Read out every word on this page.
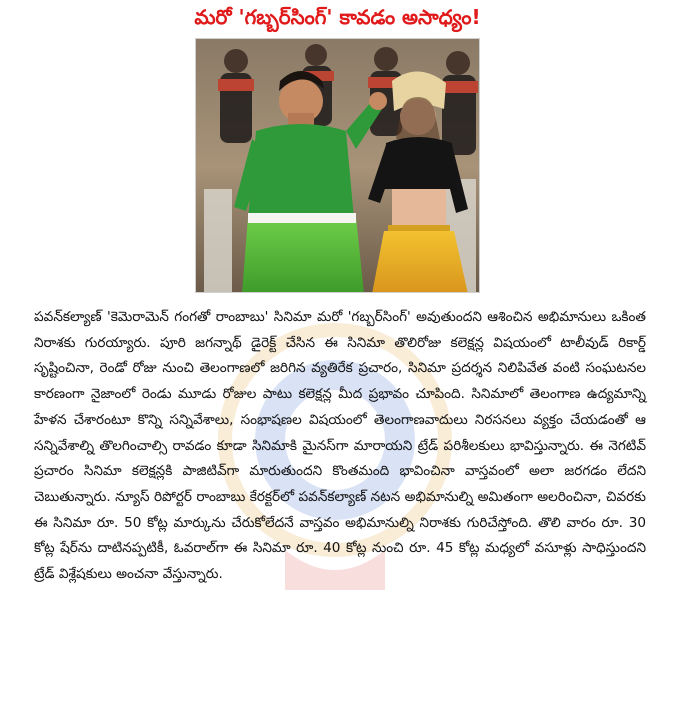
మరో 'గబ్బర్‌సింగ్' కావడం అసాధ్యం!

పవన్‌కల్యాణ్ 'కెమెరామెన్ గంగతో రాంబాబు' సినిమా మరో 'గబ్బర్‌సింగ్' అవుతుందని ఆశించిన అభిమానులు ఒకింత నిరాశకు గురయ్యారు. పూరి జగన్నాథ్ డైరెక్ట్ చేసిన ఈ సినిమా తొలిరోజు కలెక్షన్ల విషయంలో టాలీవుడ్ రికార్డ్ సృష్టించినా, రెండో రోజు నుంచి తెలంగాణలో జరిగిన వ్యతిరేక ప్రచారం, సినిమా ప్రదర్శన నిలిపివేత వంటి సంఘటనల కారణంగా నైజాంలో రెండు మూడు రోజుల పాటు కలెక్షన్ల మీద ప్రభావం చూపింది. సినిమాలో తెలంగాణ ఉద్యమాన్ని హేళన చేశారంటూ కొన్ని సన్నివేశాలు, సంభాషణల విషయంలో తెలంగాణవాదులు నిరసనలు వ్యక్తం చేయడంతో ఆ సన్నివేశాల్ని తొలగించాల్సి రావడం కూడా సినిమాకి మైనస్‌గా మారాయని ట్రేడ్ పరిశీలకులు భావిస్తున్నారు. ఈ నెగటివ్ ప్రచారం సినిమా కలెక్షన్లకి పాజిటివ్‌గా మారుతుందని కొంతమంది భావించినా వాస్తవంలో అలా జరగడం లేదని చెబుతున్నారు. న్యూస్ రిపోర్టర్ రాంబాబు కేరక్టర్‌లో పవన్‌కల్యాణ్ నటన అభిమానుల్ని అమితంగా అలరించినా, చివరకు ఈ సినిమా రూ. 50 కోట్ల మార్కును చేరుకోలేదనే వాస్తవం అభిమానుల్ని నిరాశకు గురిచేస్తోంది. తొలి వారం రూ. 30 కోట్ల షేర్‌ను దాటినప్పటికీ, ఓవరాల్‌గా ఈ సినిమా రూ. 40 కోట్ల నుంచి రూ. 45 కోట్ల మధ్యలో వసూళ్లు సాధిస్తుందని ట్రేడ్ విశ్లేషకులు అంచనా వేస్తున్నారు.
